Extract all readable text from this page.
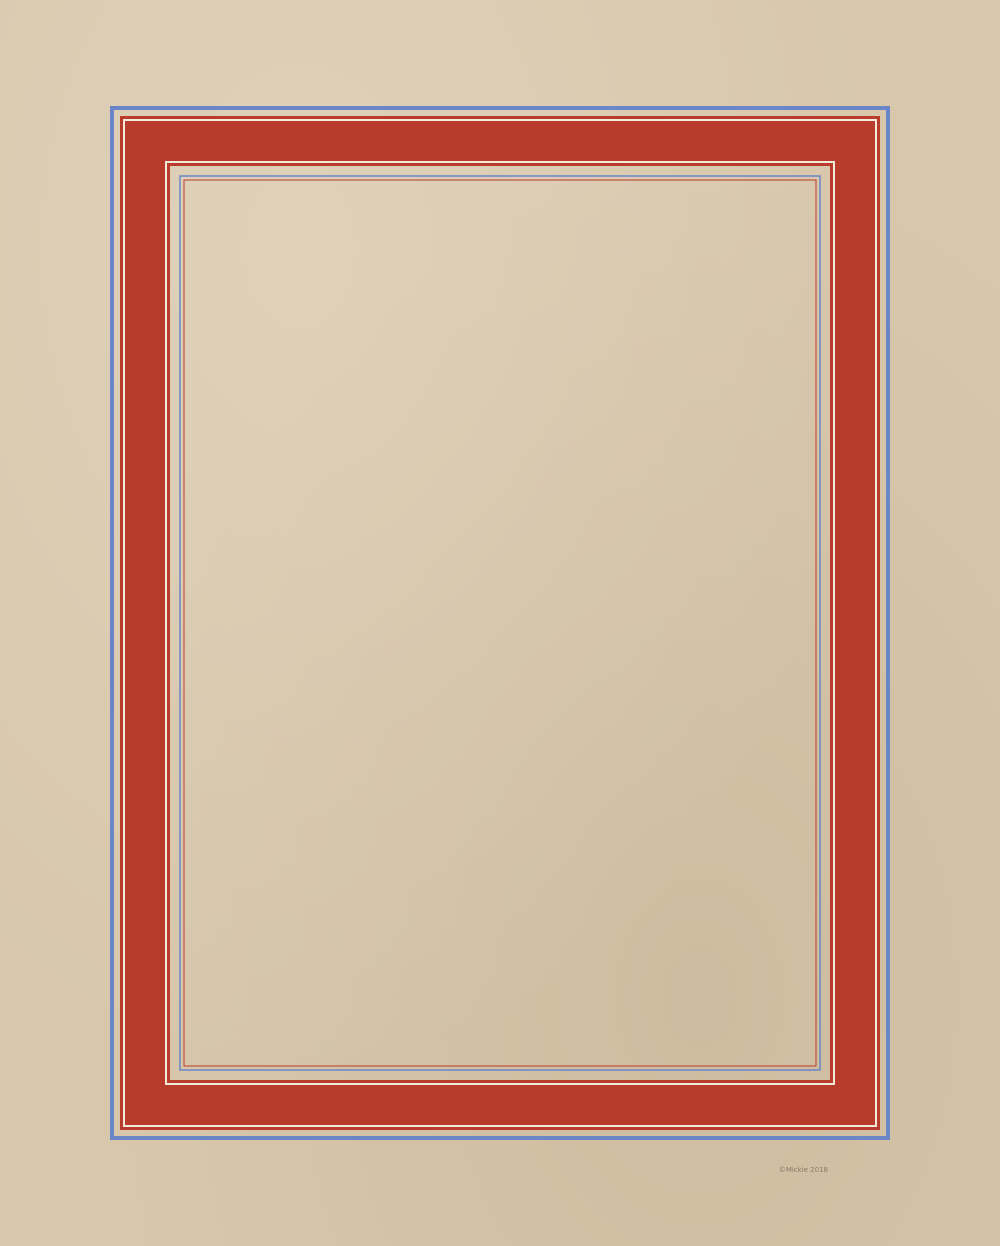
©Mickie 2018
